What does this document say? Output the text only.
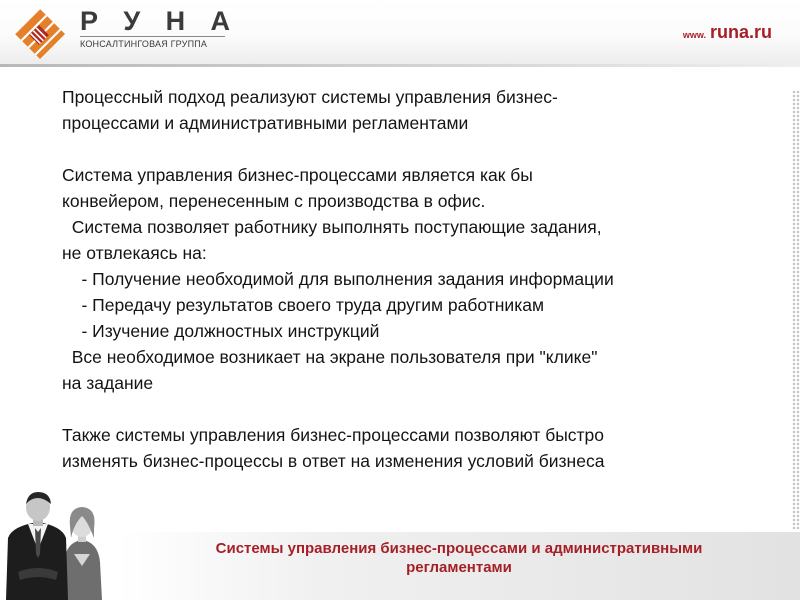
Р У Н А
КОНСАЛТИНГОВАЯ ГРУППА
www. runa.ru

Процессный подход реализуют системы управления бизнес-

процессами и административными регламентами

Система управления бизнес-процессами является как бы

конвейером, перенесенным с производства в офис.

Система позволяет работнику выполнять поступающие задания,

не отвлекаясь на:

- Получение необходимой для выполнения задания информации

- Передачу результатов своего труда другим работникам

- Изучение должностных инструкций

Все необходимое возникает на экране пользователя при "клике"

на задание

Также системы управления бизнес-процессами позволяют быстро

изменять бизнес-процессы в ответ на изменения условий бизнеса

Системы управления бизнес-процессами и административными
регламентами
